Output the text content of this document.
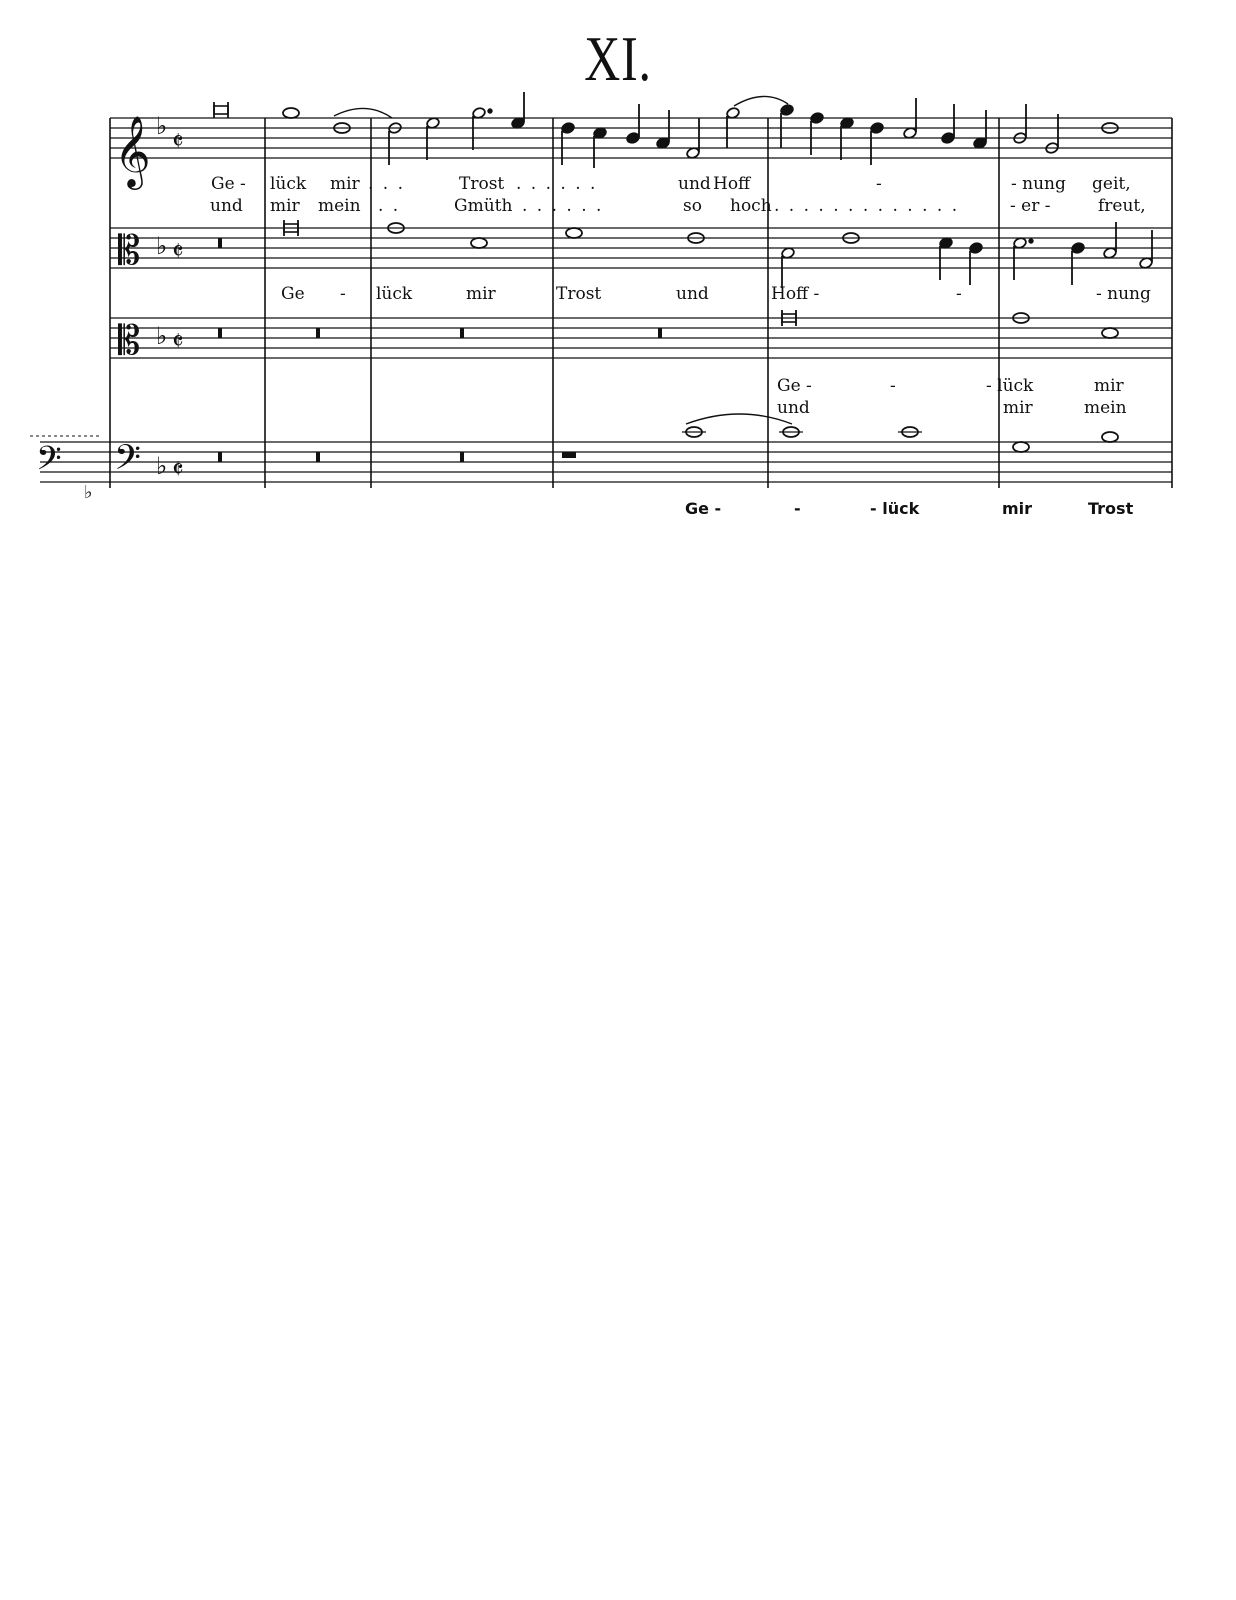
XI.
𝄞 ♭
𝄵
𝄡 ♭ 𝄵
𝄡 ♭ 𝄵
𝄢
♭
𝄢 ♭ 𝄵
Ge - lück mir . . .	Trost . . . . . .	und Hoff	-	- nung geit,
und mir mein . .	Gmüth . . . . . .	so hoch . . . . . . . . . . . . .	- er -	freut,
Ge - lück	mir	Trost	und	Hoff -	-	- nung
Ge -	-	- lück	mir
und	mir	mein
Ge -	-	- lück	mir	Trost
